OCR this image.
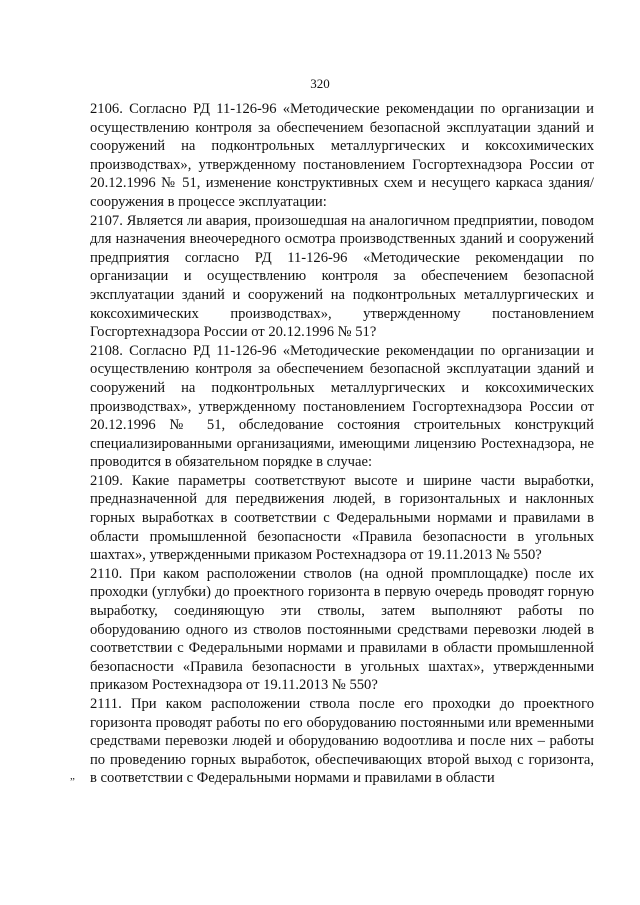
320

2106. Согласно РД 11-126-96 «Методические рекомендации по организации и осуществлению контроля за обеспечением безопасной эксплуатации зданий и сооружений на подконтрольных металлургических и коксохимических производствах», утвержденному постановлением Госгортехнадзора России от 20.12.1996 № 51, изменение конструктивных схем и несущего каркаса здания/сооружения в процессе эксплуатации:

2107. Является ли авария, произошедшая на аналогичном предприятии, поводом для назначения внеочередного осмотра производственных зданий и сооружений предприятия согласно РД 11-126-96 «Методические рекомендации по организации и осуществлению контроля за обеспечением безопасной эксплуатации зданий и сооружений на подконтрольных металлургических и коксохимических производствах», утвержденному постановлением Госгортехнадзора России от 20.12.1996 № 51?

2108. Согласно РД 11-126-96 «Методические рекомендации по организации и осуществлению контроля за обеспечением безопасной эксплуатации зданий и сооружений на подконтрольных металлургических и коксохимических производствах», утвержденному постановлением Госгортехнадзора России от 20.12.1996 № 51, обследование состояния строительных конструкций специализированными организациями, имеющими лицензию Ростехнадзора, не проводится в обязательном порядке в случае:

2109. Какие параметры соответствуют высоте и ширине части выработки, предназначенной для передвижения людей, в горизонтальных и наклонных горных выработках в соответствии с Федеральными нормами и правилами в области промышленной безопасности «Правила безопасности в угольных шахтах», утвержденными приказом Ростехнадзора от 19.11.2013 № 550?

2110. При каком расположении стволов (на одной промплощадке) после их проходки (углубки) до проектного горизонта в первую очередь проводят горную выработку, соединяющую эти стволы, затем выполняют работы по оборудованию одного из стволов постоянными средствами перевозки людей в соответствии с Федеральными нормами и правилами в области промышленной безопасности «Правила безопасности в угольных шахтах», утвержденными приказом Ростехнадзора от 19.11.2013 № 550?

2111. При каком расположении ствола после его проходки до проектного горизонта проводят работы по его оборудованию постоянными или временными средствами перевозки людей и оборудованию водоотлива и после них – работы по проведению горных выработок, обеспечивающих второй выход с горизонта, в соответствии с Федеральными нормами и правилами в области

„
